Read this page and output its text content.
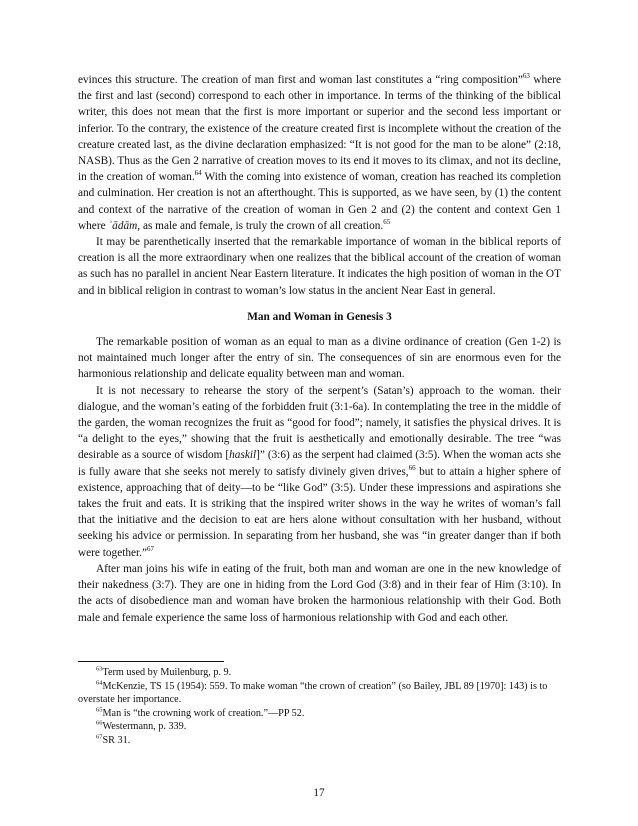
evinces this structure. The creation of man first and woman last constitutes a “ring composition”$^{63}$ where the first and last (second) correspond to each other in importance. In terms of the thinking of the biblical writer, this does not mean that the first is more important or superior and the second less important or inferior. To the contrary, the existence of the creature created first is incomplete without the creation of the creature created last, as the divine declaration emphasized: “It is not good for the man to be alone” (2:18, NASB). Thus as the Gen 2 narrative of creation moves to its end it moves to its climax, and not its decline, in the creation of woman.$^{64}$ With the coming into existence of woman, creation has reached its completion and culmination. Her creation is not an afterthought. This is supported, as we have seen, by (1) the content and context of the narrative of the creation of woman in Gen 2 and (2) the content and context Gen 1 where ʾādām, as male and female, is truly the crown of all creation.$^{65}$

It may be parenthetically inserted that the remarkable importance of woman in the biblical reports of creation is all the more extraordinary when one realizes that the biblical account of the creation of woman as such has no parallel in ancient Near Eastern literature. It indicates the high position of woman in the OT and in biblical religion in contrast to woman’s low status in the ancient Near East in general.

Man and Woman in Genesis 3

The remarkable position of woman as an equal to man as a divine ordinance of creation (Gen 1-2) is not maintained much longer after the entry of sin. The consequences of sin are enormous even for the harmonious relationship and delicate equality between man and woman.

It is not necessary to rehearse the story of the serpent’s (Satan’s) approach to the woman. their dialogue, and the woman’s eating of the forbidden fruit (3:1-6a). In contemplating the tree in the middle of the garden, the woman recognizes the fruit as “good for food”; namely, it satisfies the physical drives. It is “a delight to the eyes,” showing that the fruit is aesthetically and emotionally desirable. The tree “was desirable as a source of wisdom [haskil]” (3:6) as the serpent had claimed (3:5). When the woman acts she is fully aware that she seeks not merely to satisfy divinely given drives,$^{66}$ but to attain a higher sphere of existence, approaching that of deity—to be “like God” (3:5). Under these impressions and aspirations she takes the fruit and eats. It is striking that the inspired writer shows in the way he writes of woman’s fall that the initiative and the decision to eat are hers alone without consultation with her husband, without seeking his advice or permission. In separating from her husband, she was “in greater danger than if both were together.”$^{67}$

After man joins his wife in eating of the fruit, both man and woman are one in the new knowledge of their nakedness (3:7). They are one in hiding from the Lord God (3:8) and in their fear of Him (3:10). In the acts of disobedience man and woman have broken the harmonious relationship with their God. Both male and female experience the same loss of harmonious relationship with God and each other.

$^{63}$Term used by Muilenburg, p. 9.

$^{64}$McKenzie, TS 15 (1954): 559. To make woman “the crown of creation” (so Bailey, JBL 89 [1970]: 143) is to overstate her importance.

$^{65}$Man is “the crowning work of creation.”—PP 52.

$^{66}$Westermann, p. 339.

$^{67}$SR 31.

17
